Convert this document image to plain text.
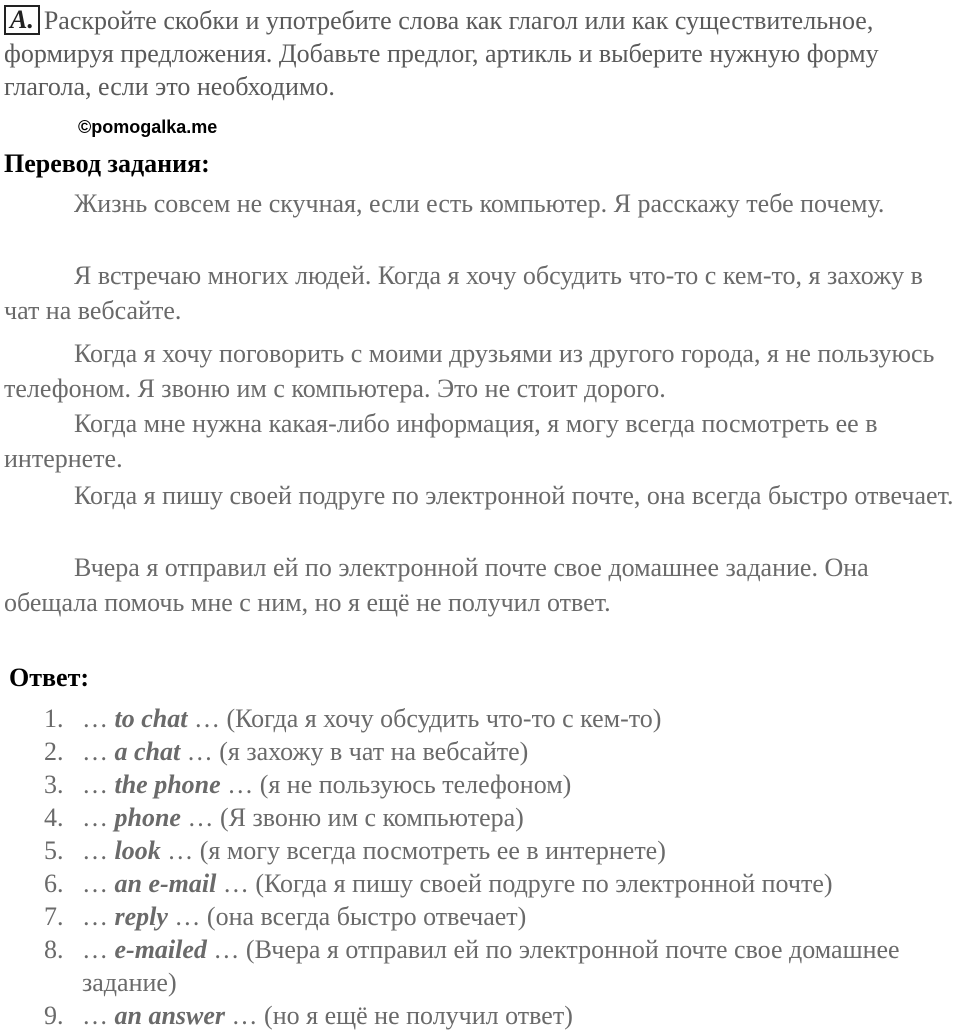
A. Раскройте скобки и употребите слова как глагол или как существительное, формируя предложения. Добавьте предлог, артикль и выберите нужную форму глагола, если это необходимо.
©pomogalka.me
Перевод задания:

Жизнь совсем не скучная, если есть компьютер. Я расскажу тебе почему.

Я встречаю многих людей. Когда я хочу обсудить что-то с кем-то, я захожу в чат на вебсайте.

Когда я хочу поговорить с моими друзьями из другого города, я не пользуюсь телефоном. Я звоню им с компьютера. Это не стоит дорого.

Когда мне нужна какая-либо информация, я могу всегда посмотреть ее в интернете.

Когда я пишу своей подруге по электронной почте, она всегда быстро отвечает.

Вчера я отправил ей по электронной почте свое домашнее задание. Она обещала помочь мне с ним, но я ещё не получил ответ.

Ответ:
1. … to chat … (Когда я хочу обсудить что-то с кем-то)
2. … a chat … (я захожу в чат на вебсайте)
3. … the phone … (я не пользуюсь телефоном)
4. … phone … (Я звоню им с компьютера)
5. … look … (я могу всегда посмотреть ее в интернете)
6. … an e-mail … (Когда я пишу своей подруге по электронной почте)
7. … reply … (она всегда быстро отвечает)
8. … e-mailed … (Вчера я отправил ей по электронной почте свое домашнее задание)
9. … an answer … (но я ещё не получил ответ)
